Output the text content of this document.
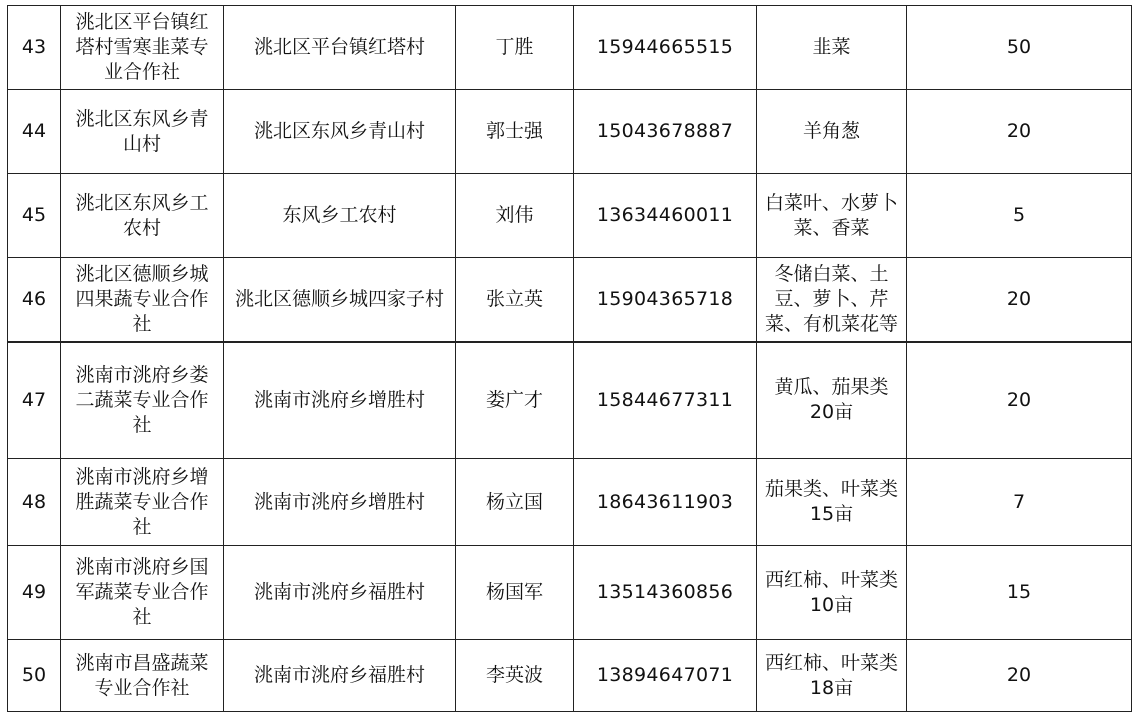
43	洮北区平台镇红塔村雪寒韭菜专业合作社	洮北区平台镇红塔村	丁胜	15944665515	韭菜	50
44	洮北区东风乡青山村	洮北区东风乡青山村	郭士强	15043678887	羊角葱	20
45	洮北区东风乡工农村	东风乡工农村	刘伟	13634460011	白菜叶、水萝卜菜、香菜	5
46	洮北区德顺乡城四果蔬专业合作社	洮北区德顺乡城四家子村	张立英	15904365718	冬储白菜、土豆、萝卜、芹菜、有机菜花等	20
47	洮南市洮府乡娄二蔬菜专业合作社	洮南市洮府乡增胜村	娄广才	15844677311	黄瓜、茄果类20亩	20
48	洮南市洮府乡增胜蔬菜专业合作社	洮南市洮府乡增胜村	杨立国	18643611903	茄果类、叶菜类15亩	7
49	洮南市洮府乡国军蔬菜专业合作社	洮南市洮府乡福胜村	杨国军	13514360856	西红柿、叶菜类10亩	15
50	洮南市昌盛蔬菜专业合作社	洮南市洮府乡福胜村	李英波	13894647071	西红柿、叶菜类18亩	20
